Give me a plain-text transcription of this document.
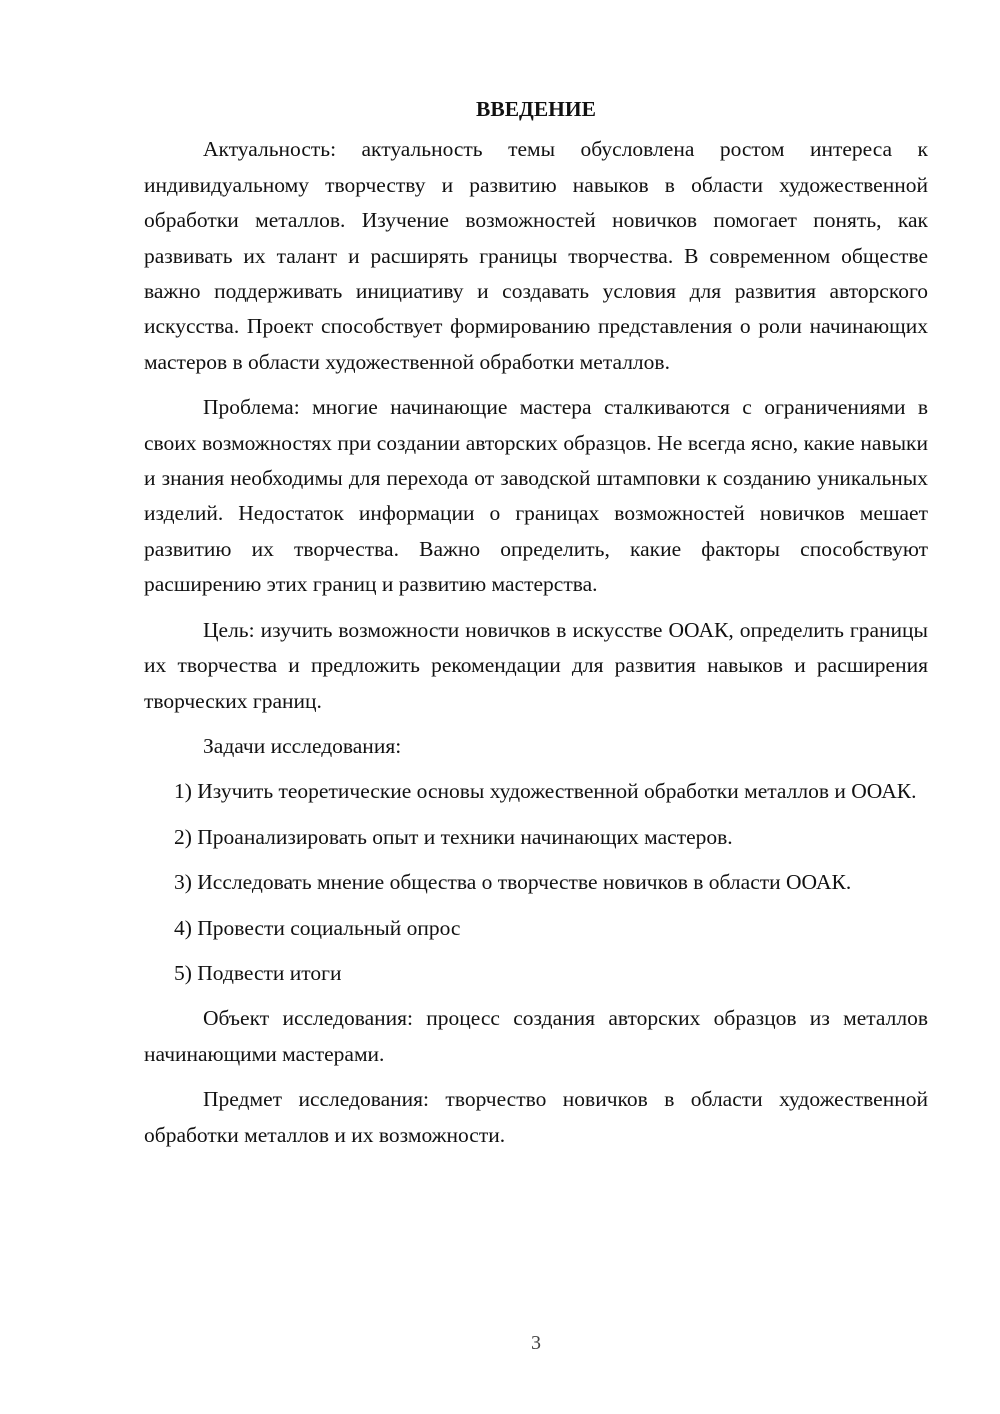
ВВЕДЕНИЕ

Актуальность: актуальность темы обусловлена ростом интереса к индивидуальному творчеству и развитию навыков в области художественной обработки металлов. Изучение возможностей новичков помогает понять, как развивать их талант и расширять границы творчества. В современном обществе важно поддерживать инициативу и создавать условия для развития авторского искусства. Проект способствует формированию представления о роли начинающих мастеров в области художественной обработки металлов.

Проблема: многие начинающие мастера сталкиваются с ограничениями в своих возможностях при создании авторских образцов. Не всегда ясно, какие навыки и знания необходимы для перехода от заводской штамповки к созданию уникальных изделий. Недостаток информации о границах возможностей новичков мешает развитию их творчества. Важно определить, какие факторы способствуют расширению этих границ и развитию мастерства.

Цель: изучить возможности новичков в искусстве ООАК, определить границы их творчества и предложить рекомендации для развития навыков и расширения творческих границ.

Задачи исследования:

1) Изучить теоретические основы художественной обработки металлов и ООАК.

2) Проанализировать опыт и техники начинающих мастеров.

3) Исследовать мнение общества о творчестве новичков в области ООАК.

4) Провести социальный опрос

5) Подвести итоги

Объект исследования: процесс создания авторских образцов из металлов начинающими мастерами.

Предмет исследования: творчество новичков в области художественной обработки металлов и их возможности.

3
